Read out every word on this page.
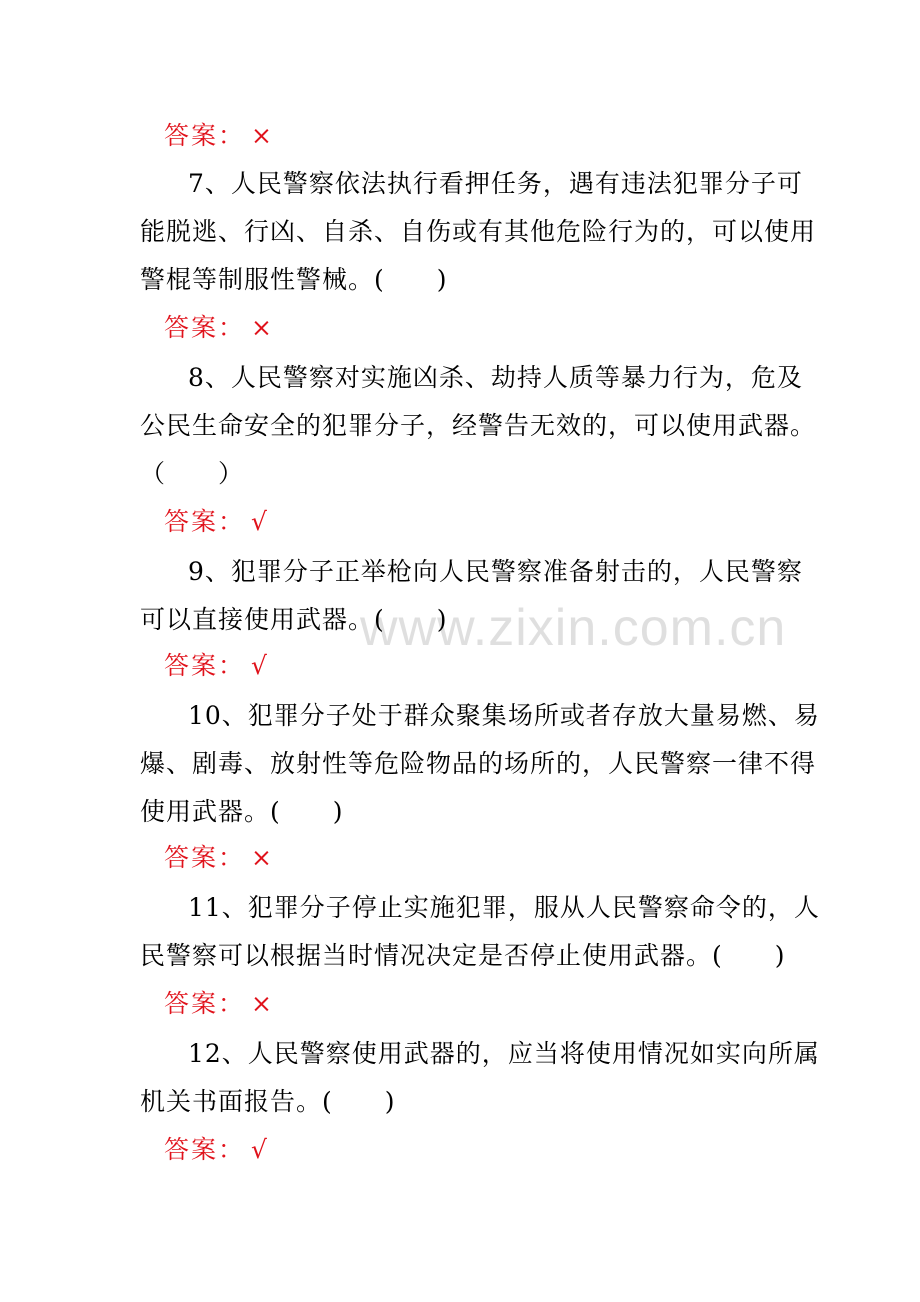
答案： ×
7、人民警察依法执行看押任务，遇有违法犯罪分子可
能脱逃、行凶、自杀、自伤或有其他危险行为的，可以使用
警棍等制服性警械。(　　)
答案： ×
8、人民警察对实施凶杀、劫持人质等暴力行为，危及
公民生命安全的犯罪分子，经警告无效的，可以使用武器。
（　　）
答案： √
9、犯罪分子正举枪向人民警察准备射击的，人民警察
可以直接使用武器。(　　)
答案： √
10、犯罪分子处于群众聚集场所或者存放大量易燃、易
爆、剧毒、放射性等危险物品的场所的，人民警察一律不得
使用武器。(　　)
答案： ×
11、犯罪分子停止实施犯罪，服从人民警察命令的，人
民警察可以根据当时情况决定是否停止使用武器。(　　)
答案： ×
12、人民警察使用武器的，应当将使用情况如实向所属
机关书面报告。(　　)
答案： √
www.zixin.com.cn
